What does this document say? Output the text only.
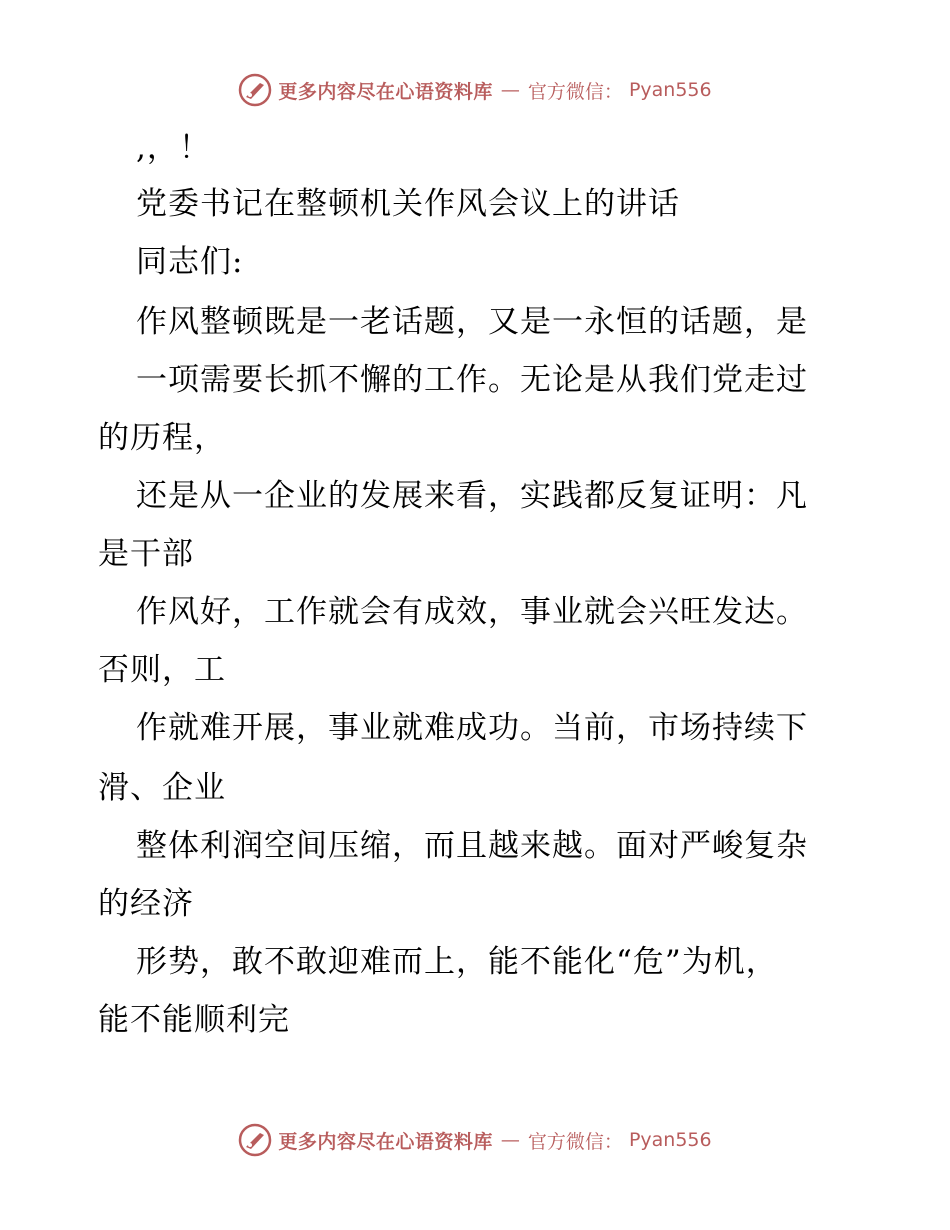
更多内容尽在心语资料库 — 官方微信： Pyan556
,，！
党委书记在整顿机关作风会议上的讲话
同志们:
作风整顿既是一老话题，又是一永恒的话题，是
一项需要长抓不懈的工作。无论是从我们党走过
的历程，
还是从一企业的发展来看，实践都反复证明：凡
是干部
作风好，工作就会有成效，事业就会兴旺发达。
否则，工
作就难开展，事业就难成功。当前，市场持续下
滑、企业
整体利润空间压缩，而且越来越。面对严峻复杂
的经济
形势，敢不敢迎难而上，能不能化“危”为机，
能不能顺利完
更多内容尽在心语资料库 — 官方微信： Pyan556
